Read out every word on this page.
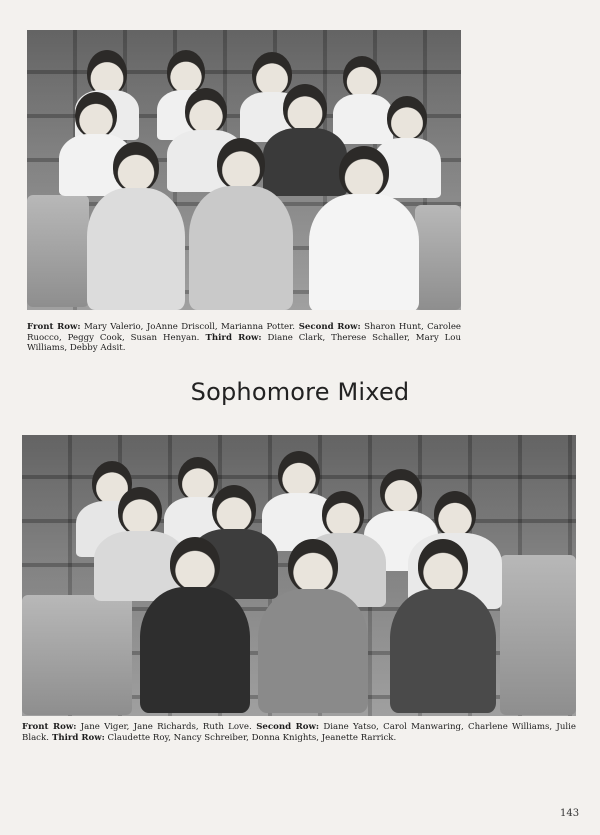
Front Row: Mary Valerio, JoAnne Driscoll, Marianna Potter. Second Row: Sharon Hunt, Carolee Ruocco, Peggy Cook, Susan Henyan. Third Row: Diane Clark, Therese Schaller, Mary Lou Williams, Debby Adsit.
Sophomore Mixed
Front Row: Jane Viger, Jane Richards, Ruth Love. Second Row: Diane Yatso, Carol Manwaring, Charlene Williams, Julie Black. Third Row: Claudette Roy, Nancy Schreiber, Donna Knights, Jeanette Rarrick.
143
